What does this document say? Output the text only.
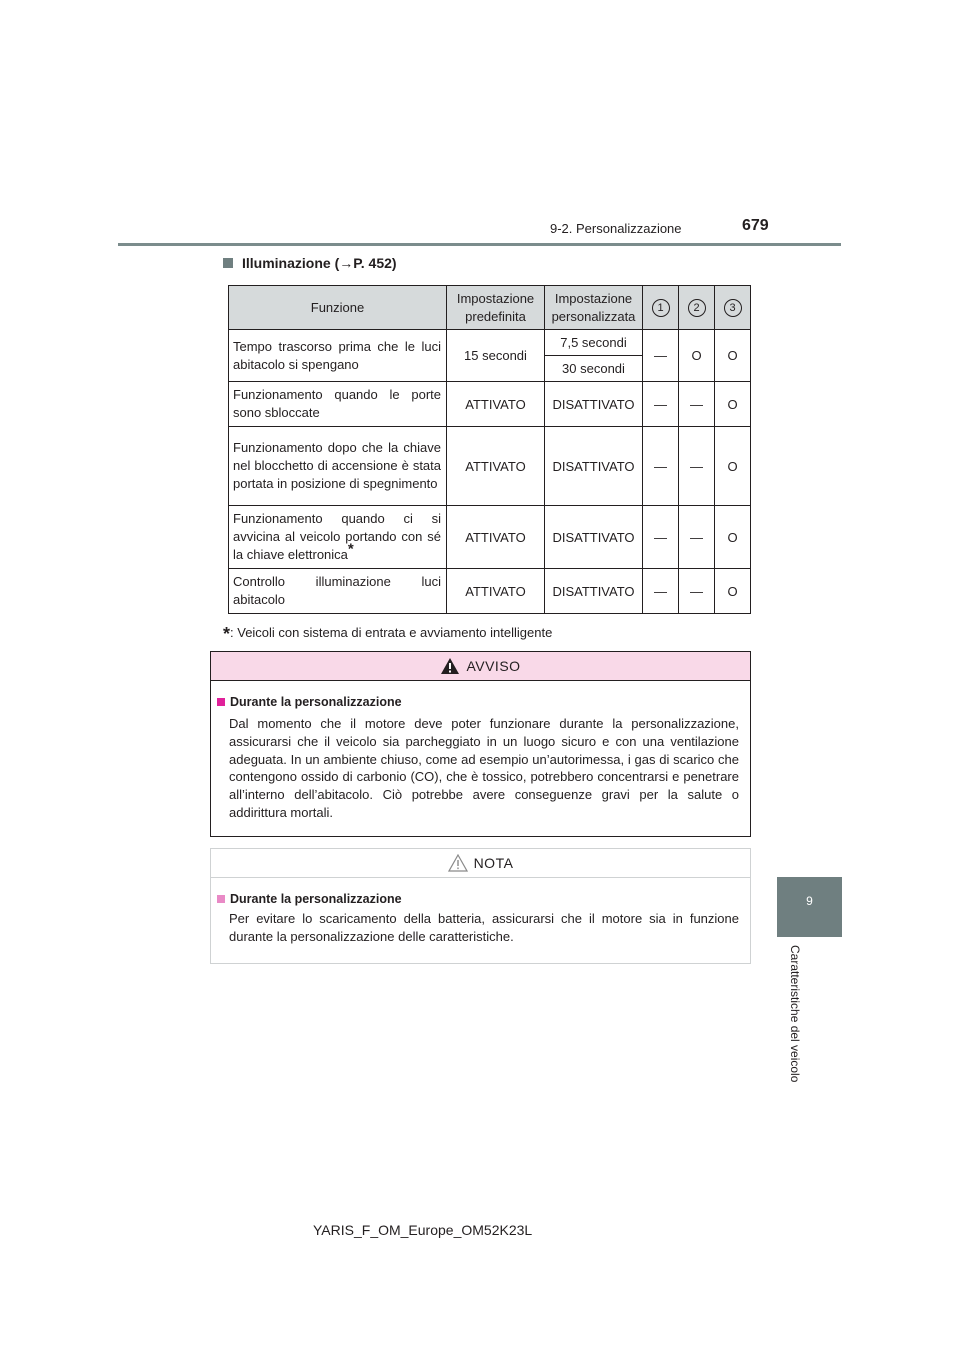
9-2. Personalizzazione	679
9
Caratteristiche del veicolo
Illuminazione (→P. 452)
Funzione	Impostazione predefinita	Impostazione personalizzata	1	2	3
Tempo trascorso prima che le luci abitacolo si spengano	15 secondi	7,5 secondi	—	O	O
		30 secondi			
Funzionamento quando le porte sono sbloccate	ATTIVATO	DISATTIVATO	—	—	O
Funzionamento dopo che la chiave nel blocchetto di accensione è stata portata in posizione di spegnimento	ATTIVATO	DISATTIVATO	—	—	O
Funzionamento quando ci si avvicina al veicolo portando con sé la chiave elettronica*	ATTIVATO	DISATTIVATO	—	—	O
Controllo illuminazione luci abitacolo	ATTIVATO	DISATTIVATO	—	—	O
*: Veicoli con sistema di entrata e avviamento intelligente
AVVISO
Durante la personalizzazione
Dal momento che il motore deve poter funzionare durante la personalizzazione, assicurarsi che il veicolo sia parcheggiato in un luogo sicuro e con una ventilazione adeguata. In un ambiente chiuso, come ad esempio un’autorimessa, i gas di scarico che contengono ossido di carbonio (CO), che è tossico, potrebbero concentrarsi e penetrare all’interno dell’abitacolo. Ciò potrebbe avere conseguenze gravi per la salute o addirittura mortali.
NOTA
Durante la personalizzazione
Per evitare lo scaricamento della batteria, assicurarsi che il motore sia in funzione durante la personalizzazione delle caratteristiche.
YARIS_F_OM_Europe_OM52K23L
